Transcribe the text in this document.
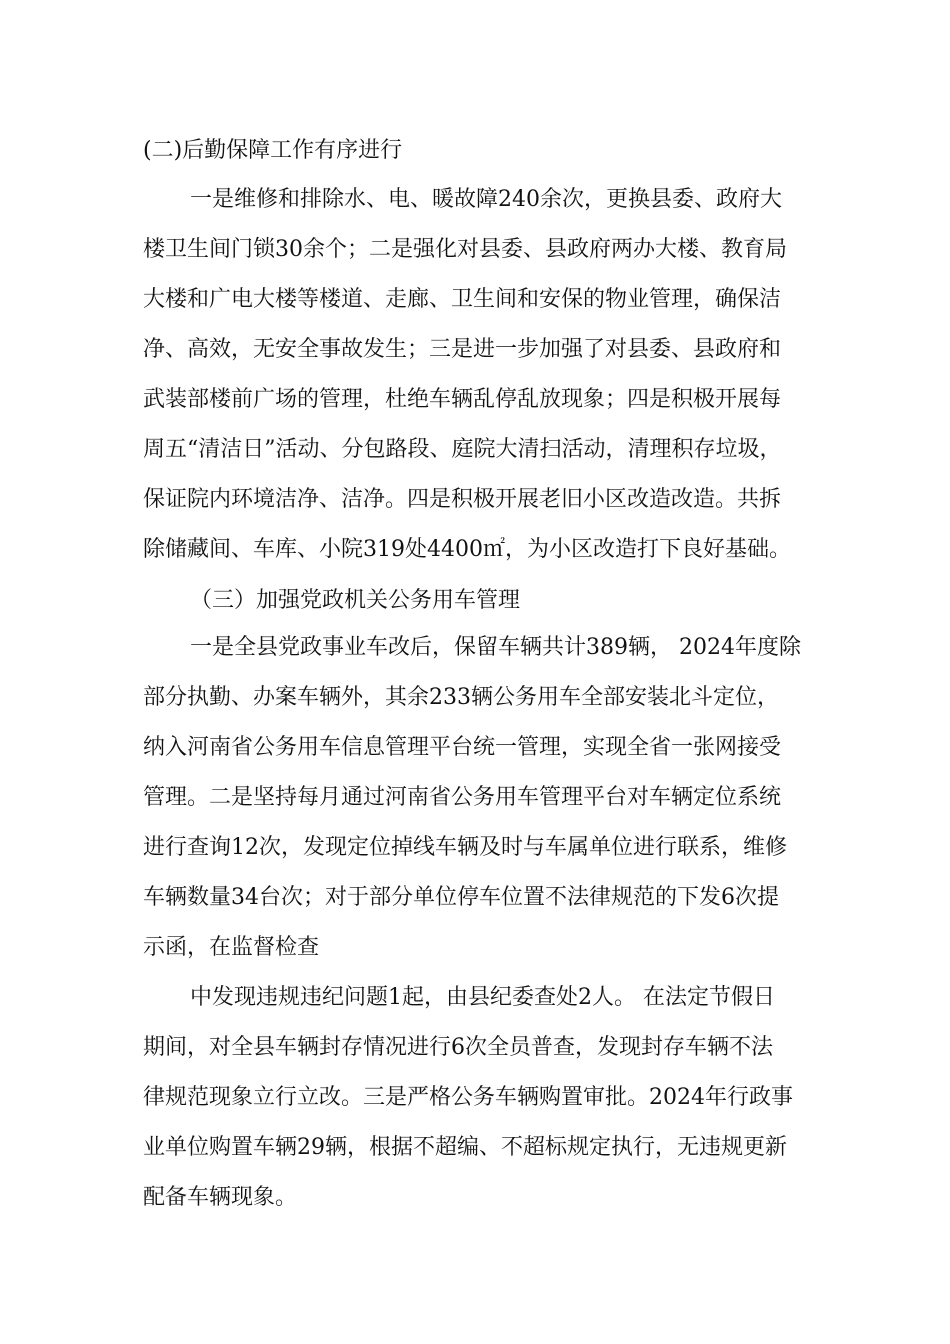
(二)后勤保障工作有序进行
一是维修和排除水、电、暖故障240余次，更换县委、政府大
楼卫生间门锁30余个；二是强化对县委、县政府两办大楼、教育局
大楼和广电大楼等楼道、走廊、卫生间和安保的物业管理，确保洁
净、高效，无安全事故发生；三是进一步加强了对县委、县政府和
武装部楼前广场的管理，杜绝车辆乱停乱放现象；四是积极开展每
周五“清洁日”活动、分包路段、庭院大清扫活动，清理积存垃圾，
保证院内环境洁净、洁净。四是积极开展老旧小区改造改造。共拆
除储藏间、车库、小院319处4400㎡，为小区改造打下良好基础。
（三）加强党政机关公务用车管理
一是全县党政事业车改后，保留车辆共计389辆， 2024年度除
部分执勤、办案车辆外，其余233辆公务用车全部安装北斗定位，
纳入河南省公务用车信息管理平台统一管理，实现全省一张网接受
管理。二是坚持每月通过河南省公务用车管理平台对车辆定位系统
进行查询12次，发现定位掉线车辆及时与车属单位进行联系，维修
车辆数量34台次；对于部分单位停车位置不法律规范的下发6次提
示函，在监督检查
中发现违规违纪问题1起，由县纪委查处2人。 在法定节假日
期间，对全县车辆封存情况进行6次全员普查，发现封存车辆不法
律规范现象立行立改。三是严格公务车辆购置审批。2024年行政事
业单位购置车辆29辆，根据不超编、不超标规定执行，无违规更新
配备车辆现象。
